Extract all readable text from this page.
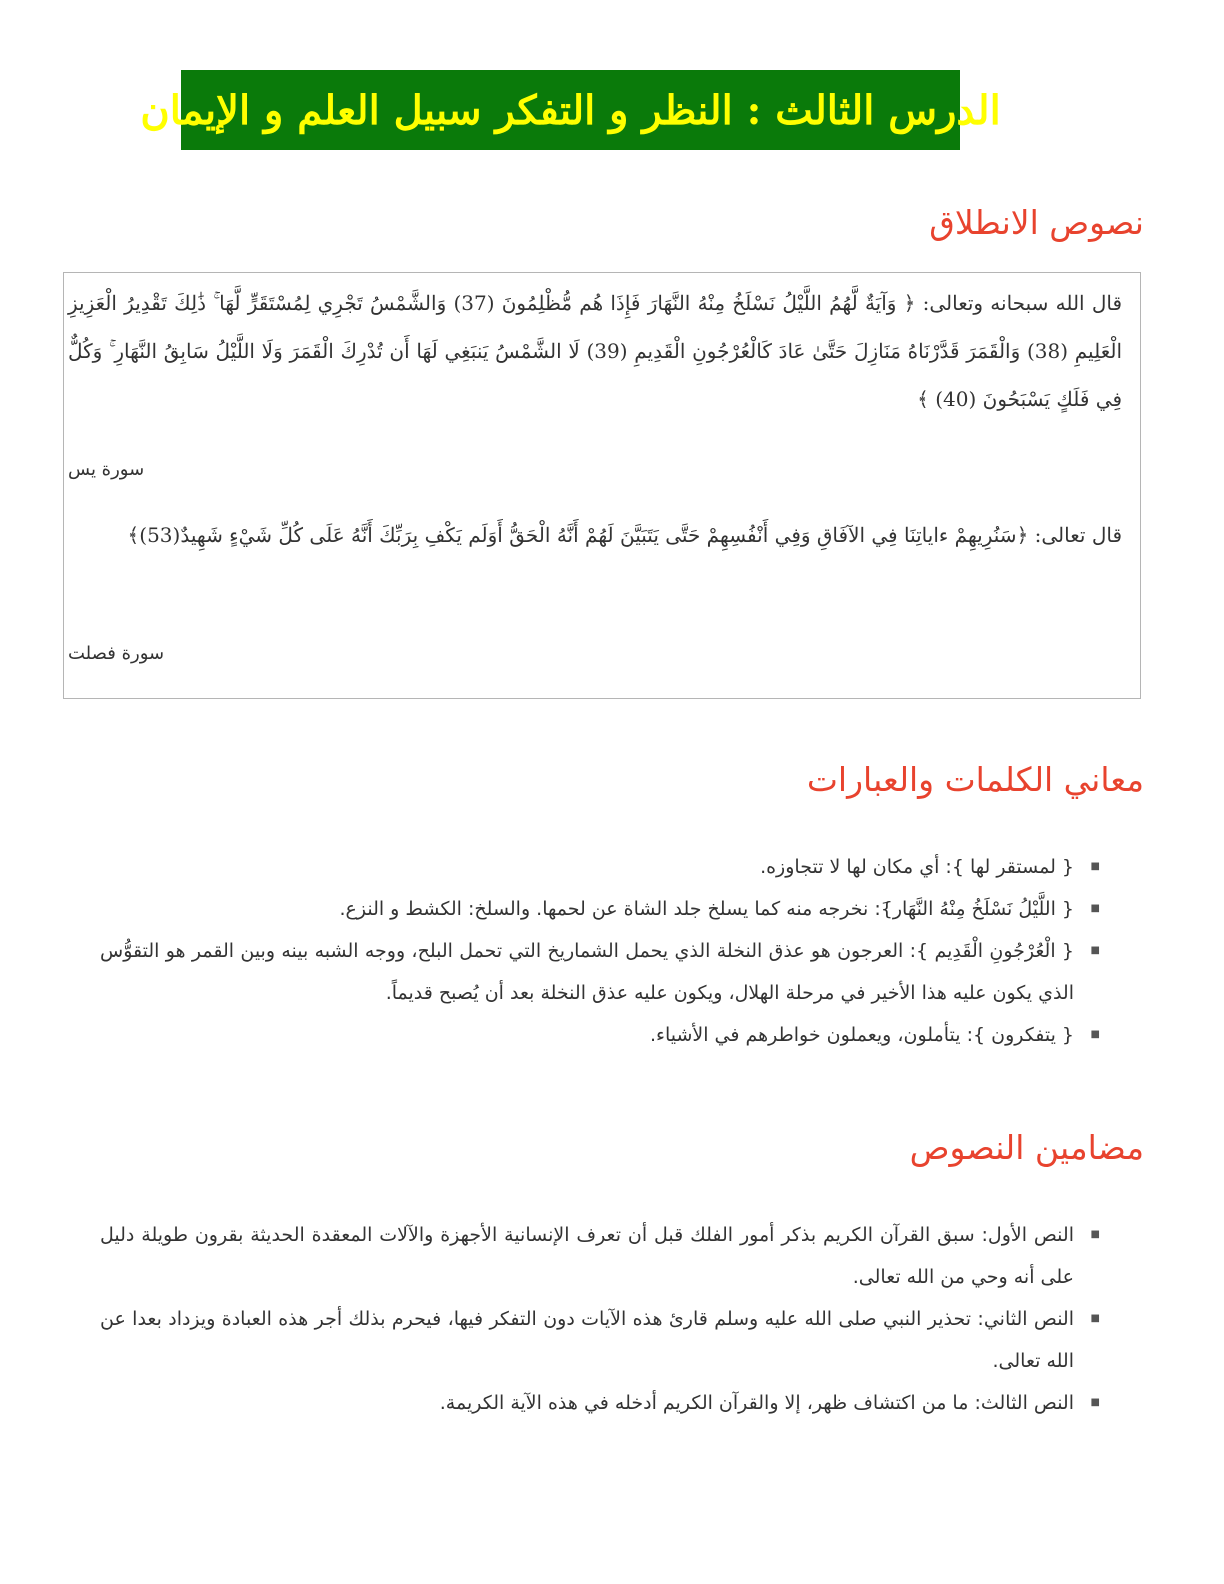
الدرس الثالث : النظر و التفكر سبيل العلم و الإيمان
نصوص الانطلاق
قال الله سبحانه وتعالى: ﴿ وَآيَةٌ لَّهُمُ اللَّيْلُ نَسْلَخُ مِنْهُ النَّهَارَ فَإِذَا هُم مُّظْلِمُونَ (37) وَالشَّمْسُ تَجْرِي لِمُسْتَقَرٍّ لَّهَا ۚ ذَٰلِكَ تَقْدِيرُ الْعَزِيزِ الْعَلِيمِ (38) وَالْقَمَرَ قَدَّرْنَاهُ مَنَازِلَ حَتَّىٰ عَادَ كَالْعُرْجُونِ الْقَدِيمِ (39) لَا الشَّمْسُ يَنبَغِي لَهَا أَن تُدْرِكَ الْقَمَرَ وَلَا اللَّيْلُ سَابِقُ النَّهَارِ ۚ وَكُلٌّ فِي فَلَكٍ يَسْبَحُونَ (40) ﴾
سورة يس
قال تعالى: ﴿سَنُرِيهِمْ ءاياتِنَا فِي الآفَاقِ وَفِي أَنْفُسِهِمْ حَتَّى يَتَبَيَّنَ لَهُمْ أَنَّهُ الْحَقُّ أَوَلَم يَكْفِ بِرَبِّكَ أَنَّهُ عَلَى كُلِّ شَيْءٍ شَهِيدٌ(53)﴾
سورة فصلت
معاني الكلمات والعبارات
■
{ لمستقر لها }: أي مكان لها لا تتجاوزه.
■
{ اللَّيْلُ نَسْلَخُ مِنْهُ النَّهَار}َ: نخرجه منه كما يسلخ جلد الشاة عن لحمها. والسلخ: الكشط و النزع.
■
{ الْعُرْجُونِ الْقَدِيم }: العرجون هو عذق النخلة الذي يحمل الشماريخ التي تحمل البلح، ووجه الشبه بينه وبين القمر هو التقوُّس الذي يكون عليه هذا الأخير في مرحلة الهلال، ويكون عليه عذق النخلة بعد أن يُصبح قديماً.
■
{ يتفكرون }: يتأملون، ويعملون خواطرهم في الأشياء.
مضامين النصوص
■
النص الأول: سبق القرآن الكريم بذكر أمور الفلك قبل أن تعرف الإنسانية الأجهزة والآلات المعقدة الحديثة بقرون طويلة دليل على أنه وحي من الله تعالى.
■
النص الثاني: تحذير النبي صلى الله عليه وسلم قارئ هذه الآيات دون التفكر فيها، فيحرم بذلك أجر هذه العبادة ويزداد بعدا عن الله تعالى.
■
النص الثالث: ما من اكتشاف ظهر، إلا والقرآن الكريم أدخله في هذه الآية الكريمة.
